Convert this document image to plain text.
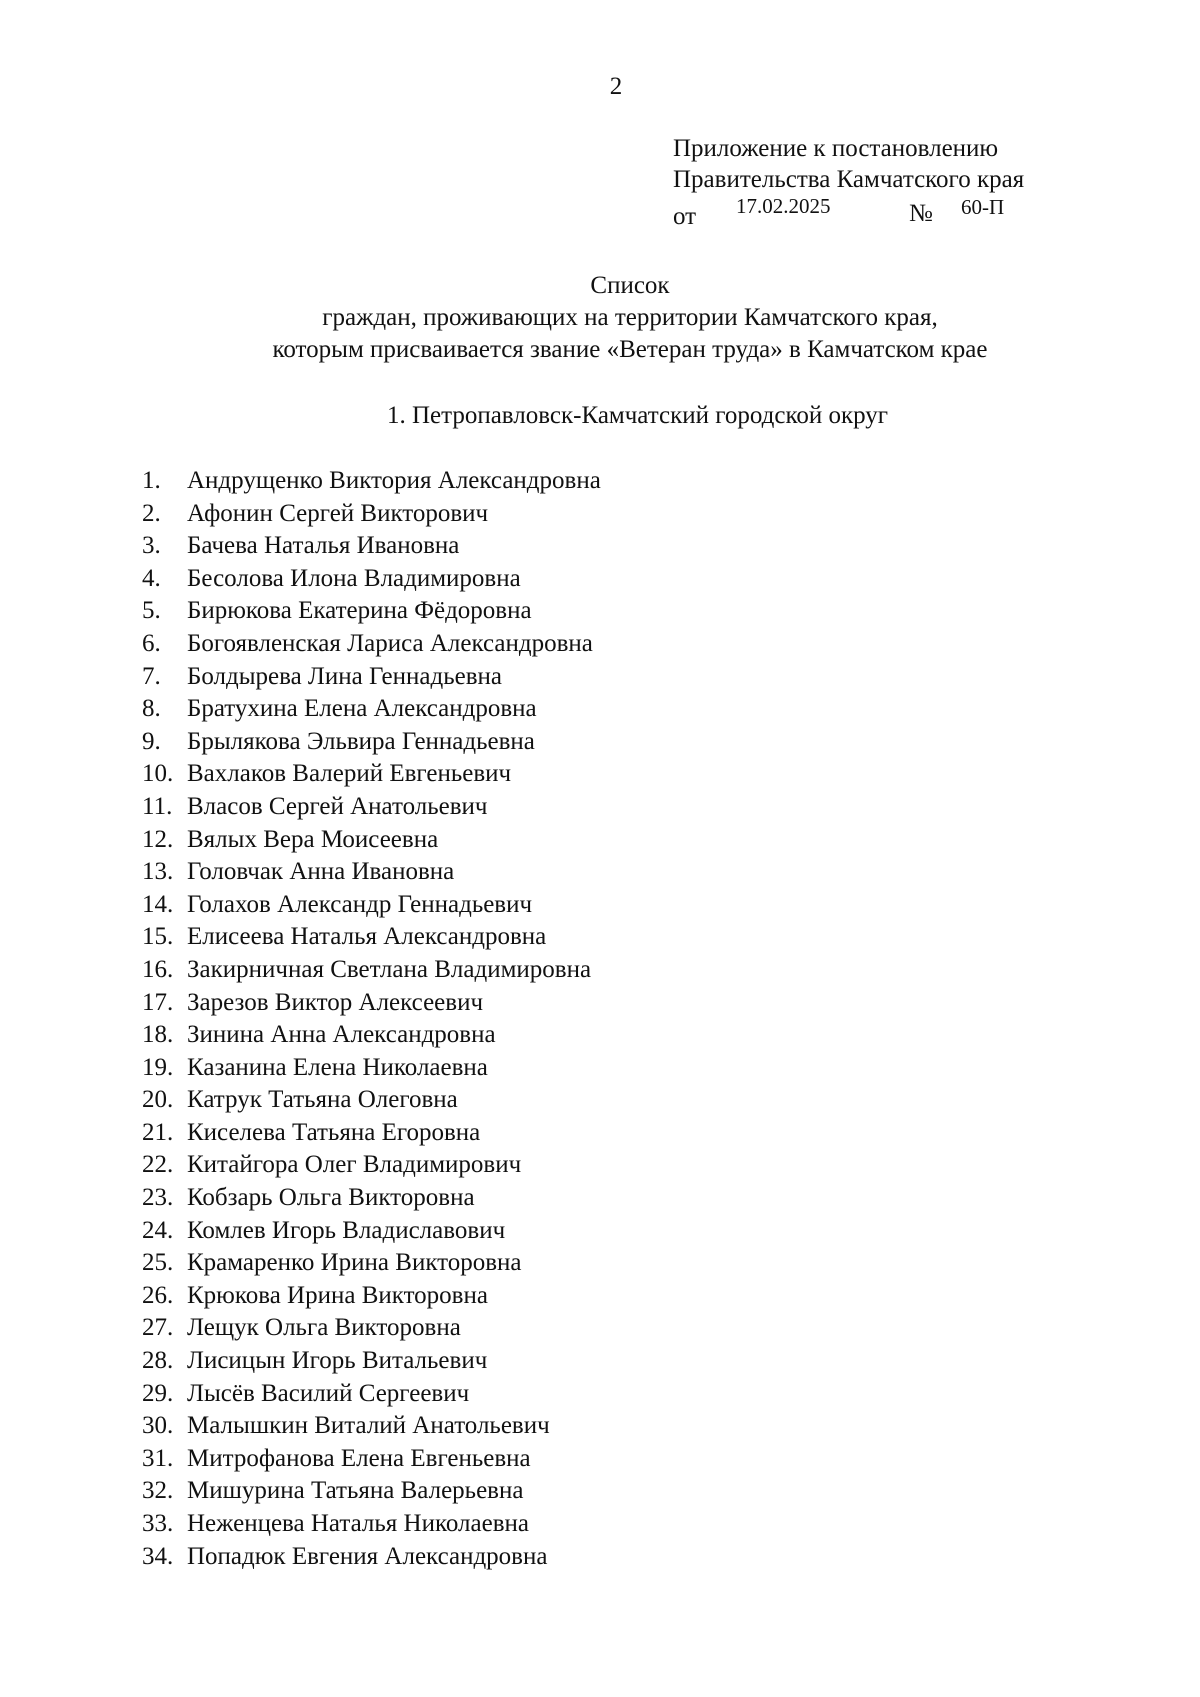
2
Приложение к постановлению
Правительства Камчатского края
от 17.02.2025	№ 60-П
Список
граждан, проживающих на территории Камчатского края,
которым присваивается звание «Ветеран труда» в Камчатском крае
1. Петропавловск-Камчатский городской округ
1. Андрущенко Виктория Александровна
2. Афонин Сергей Викторович
3. Бачева Наталья Ивановна
4. Бесолова Илона Владимировна
5. Бирюкова Екатерина Фёдоровна
6. Богоявленская Лариса Александровна
7. Болдырева Лина Геннадьевна
8. Братухина Елена Александровна
9. Брылякова Эльвира Геннадьевна
10. Вахлаков Валерий Евгеньевич
11. Власов Сергей Анатольевич
12. Вялых Вера Моисеевна
13. Головчак Анна Ивановна
14. Голахов Александр Геннадьевич
15. Елисеева Наталья Александровна
16. Закирничная Светлана Владимировна
17. Зарезов Виктор Алексеевич
18. Зинина Анна Александровна
19. Казанина Елена Николаевна
20. Катрук Татьяна Олеговна
21. Киселева Татьяна Егоровна
22. Китайгора Олег Владимирович
23. Кобзарь Ольга Викторовна
24. Комлев Игорь Владиславович
25. Крамаренко Ирина Викторовна
26. Крюкова Ирина Викторовна
27. Лещук Ольга Викторовна
28. Лисицын Игорь Витальевич
29. Лысёв Василий Сергеевич
30. Малышкин Виталий Анатольевич
31. Митрофанова Елена Евгеньевна
32. Мишурина Татьяна Валерьевна
33. Неженцева Наталья Николаевна
34. Попадюк Евгения Александровна
